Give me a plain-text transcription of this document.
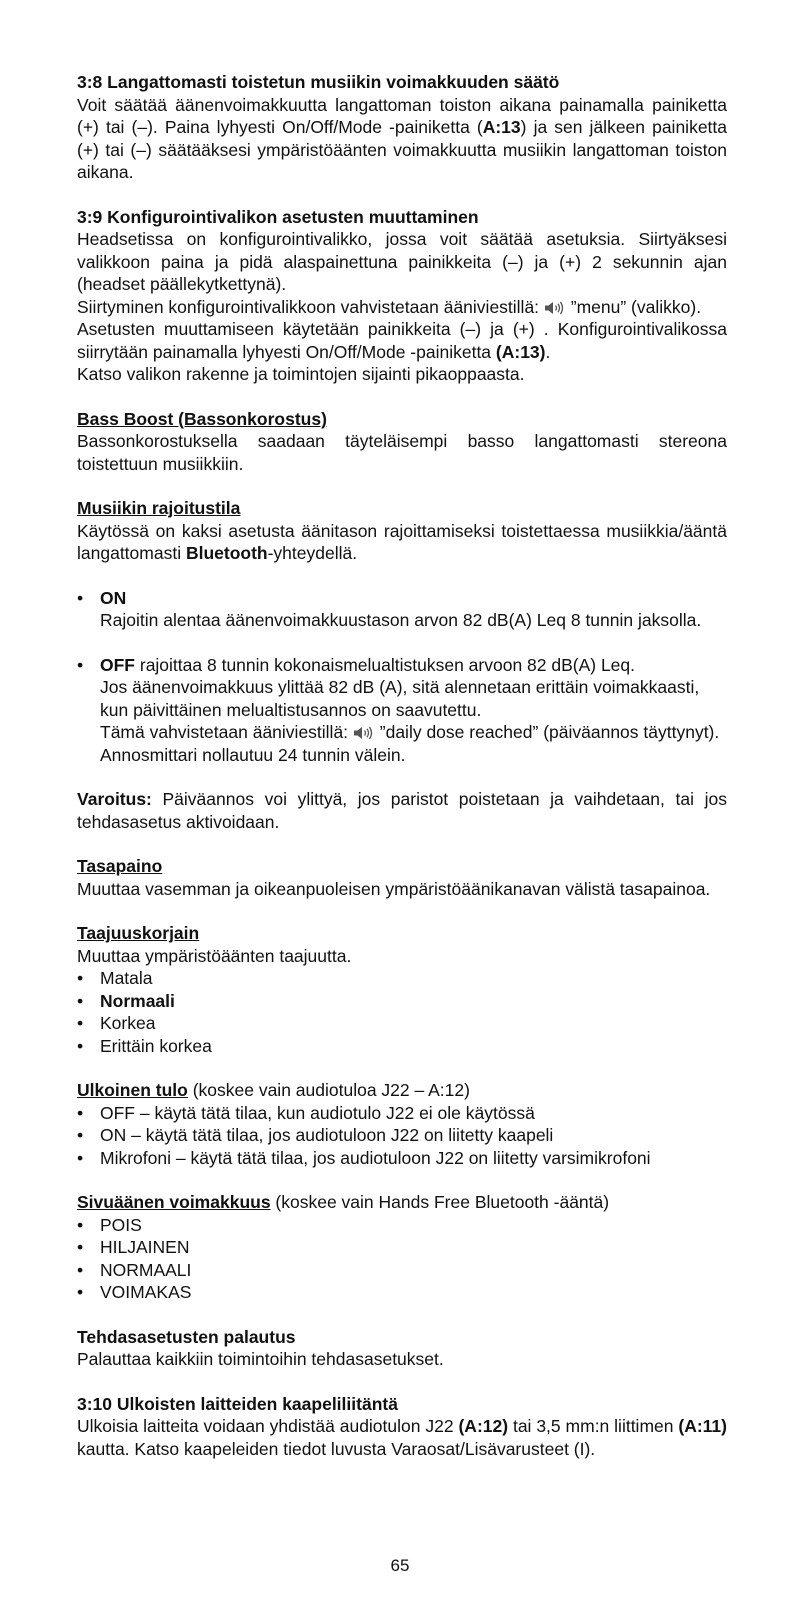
3:8 Langattomasti toistetun musiikin voimakkuuden säätö
Voit säätää äänenvoimakkuutta langattoman toiston aikana painamalla painiketta (+) tai (–). Paina lyhyesti On/Off/Mode -painiketta (A:13) ja sen jälkeen painiketta (+) tai (–) säätääksesi ympäristöäänten voimakkuutta musiikin langattoman toiston aikana.
3:9 Konfigurointivalikon asetusten muuttaminen
Headsetissa on konfigurointivalikko, jossa voit säätää asetuksia. Siirtyäksesi valikkoon paina ja pidä alaspainettuna painikkeita (–) ja (+) 2 sekunnin ajan (headset päällekytkettynä).
Siirtyminen konfigurointivalikkoon vahvistetaan ääniviestillä:  ”menu” (valikko).
Asetusten muuttamiseen käytetään painikkeita (–) ja (+) . Konfigurointivalikossa siirrytään painamalla lyhyesti On/Off/Mode -painiketta (A:13).
Katso valikon rakenne ja toimintojen sijainti pikaoppaasta.
Bass Boost (Bassonkorostus)
Bassonkorostuksella saadaan täyteläisempi basso langattomasti stereona toistettuun musiikkiin.
Musiikin rajoitustila
Käytössä on kaksi asetusta äänitason rajoittamiseksi toistettaessa musiikkia/ääntä langattomasti Bluetooth-yhteydellä.
• ON
Rajoitin alentaa äänenvoimakkuustason arvon 82 dB(A) Leq 8 tunnin jaksolla.
• OFF rajoittaa 8 tunnin kokonaismelualtistuksen arvoon 82 dB(A) Leq.
Jos äänenvoimakkuus ylittää 82 dB (A), sitä alennetaan erittäin voimakkaasti, kun päivittäinen melualtistusannos on saavutettu.
Tämä vahvistetaan ääniviestillä:  ”daily dose reached” (päiväannos täyttynyt).
Annosmittari nollautuu 24 tunnin välein.
Varoitus: Päiväannos voi ylittyä, jos paristot poistetaan ja vaihdetaan, tai jos tehdasasetus aktivoidaan.
Tasapaino
Muuttaa vasemman ja oikeanpuoleisen ympäristöäänikanavan välistä tasapainoa.
Taajuuskorjain
Muuttaa ympäristöäänten taajuutta.
• Matala
• Normaali
• Korkea
• Erittäin korkea
Ulkoinen tulo (koskee vain audiotuloa J22 – A:12)
• OFF – käytä tätä tilaa, kun audiotulo J22 ei ole käytössä
• ON – käytä tätä tilaa, jos audiotuloon J22 on liitetty kaapeli
• Mikrofoni – käytä tätä tilaa, jos audiotuloon J22 on liitetty varsimikrofoni
Sivuäänen voimakkuus (koskee vain Hands Free Bluetooth -ääntä)
• POIS
• HILJAINEN
• NORMAALI
• VOIMAKAS
Tehdasasetusten palautus
Palauttaa kaikkiin toimintoihin tehdasasetukset.
3:10 Ulkoisten laitteiden kaapeliliitäntä
Ulkoisia laitteita voidaan yhdistää audiotulon J22 (A:12) tai 3,5 mm:n liittimen (A:11) kautta. Katso kaapeleiden tiedot luvusta Varaosat/Lisävarusteet (I).
65
